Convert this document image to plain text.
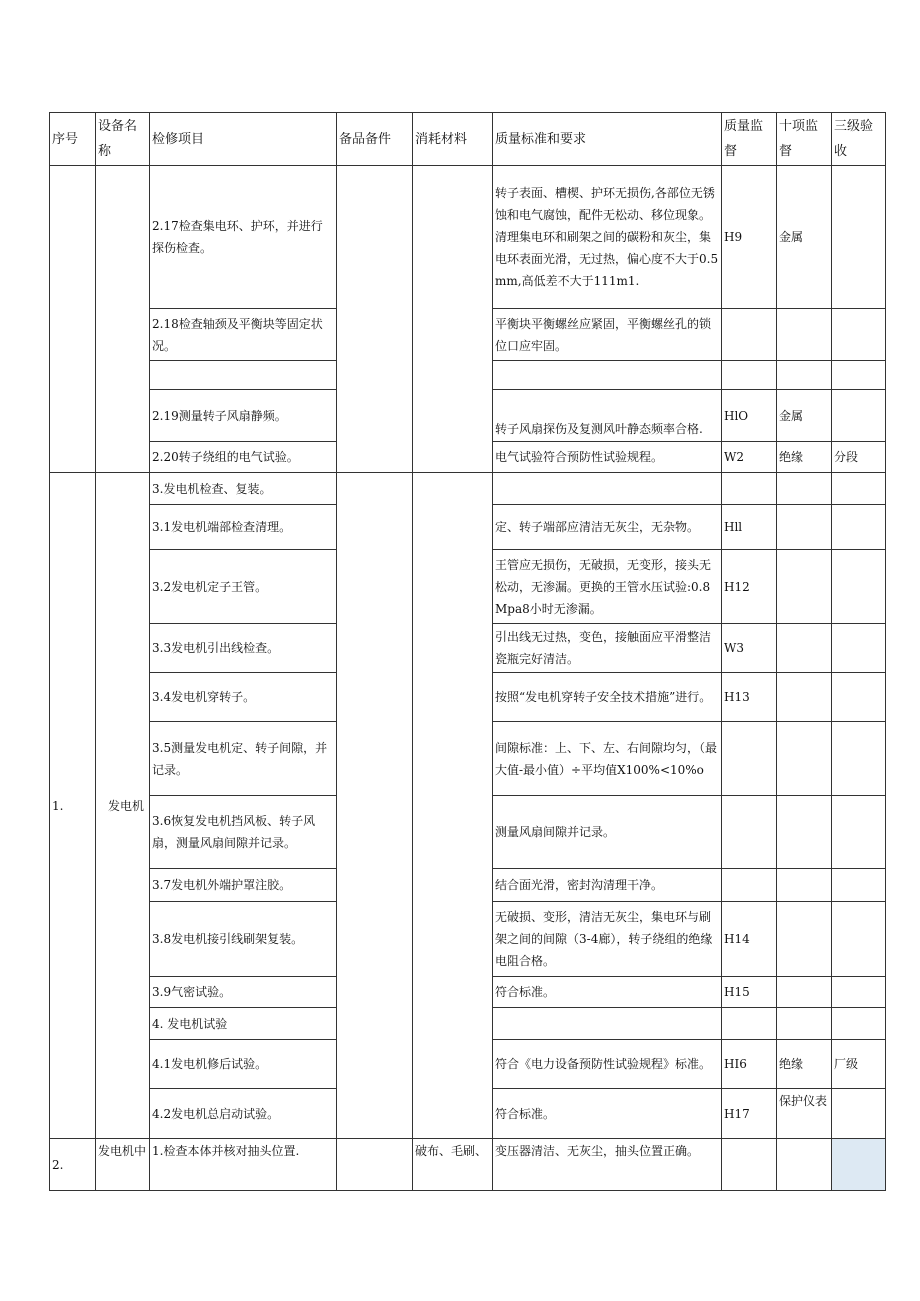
序号	设备名称	检修项目	备品备件	消耗材料	质量标准和要求	质量监督	十项监督	三级验收
		2.17检查集电环、护环，并进行探伤检查。			转子表面、槽楔、护环无损伤,各部位无锈蚀和电气腐蚀，配件无松动、移位现象。清理集电环和刷架之间的碳粉和灰尘，集电环表面光滑，无过热，偏心度不大于0.5mm,高低差不大于111m1.	H9	金属	
		2.18检查轴颈及平衡块等固定状况。			平衡块平衡螺丝应紧固，平衡螺丝孔的锁位口应牢固。			

		2.19测量转子风扇静频。			转子风扇探伤及复测风叶静态频率合格.	HlO	金属	
		2.20转子绕组的电气试验。			电气试验符合预防性试验规程。	W2	绝缘	分段
1.	发电机	3.发电机检查、复装。						
		3.1发电机端部检查清理。			定、转子端部应清洁无灰尘，无杂物。	Hll		
		3.2发电机定子王管。			王管应无损伤，无破损，无变形，接头无松动，无渗漏。更换的王管水压试验:0.8Mpa8小时无渗漏。	H12		
		3.3发电机引出线检查。			引出线无过热，变色，接触面应平滑整洁瓷瓶完好清洁。	W3		
		3.4发电机穿转子。			按照“发电机穿转子安全技术措施”进行。	H13		
		3.5测量发电机定、转子间隙，并记录。			间隙标准：上、下、左、右间隙均匀，（最大值-最小值）÷平均值X100%<10%o			
		3.6恢复发电机挡风板、转子风扇，测量风扇间隙并记录。			测量风扇间隙并记录。			
		3.7发电机外端护罩注胶。			结合面光滑，密封沟清理干净。			
		3.8发电机接引线刷架复装。			无破损、变形，清洁无灰尘，集电环与刷架之间的间隙（3-4廊），转子绕组的绝缘电阻合格。	H14		
		3.9气密试验。			符合标准。	H15		
		4. 发电机试验						
		4.1发电机修后试验。			符合《电力设备预防性试验规程》标准。	HI6	绝缘	厂级
		4.2发电机总启动试验。			符合标准。	H17	保护仪表	
2.	发电机中	1.检查本体并核对抽头位置.		破布、毛刷、	变压器清洁、无灰尘，抽头位置正确。			
